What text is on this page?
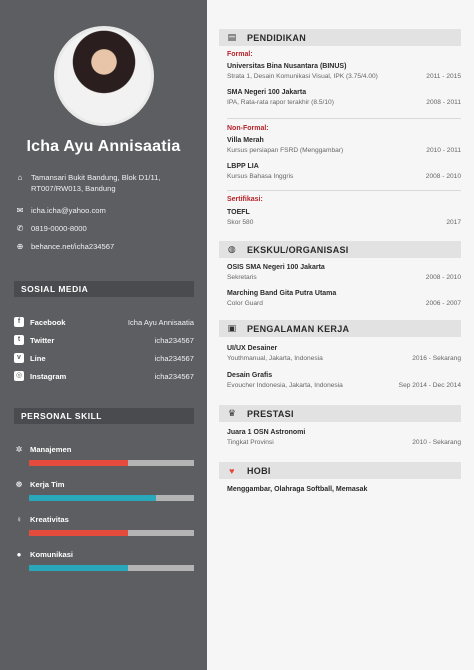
Icha Ayu Annisaatia
⌂	Tamansari Bukit Bandung, Blok D1/11, RT007/RW013, Bandung
✉	icha.icha@yahoo.com
✆	0819-0000-8000
⊕	behance.net/icha234567
SOSIAL MEDIA
f	Facebook	Icha Ayu Annisaatia
t	Twitter	icha234567
v	Line	icha234567
◎ Instagram	icha234567
PERSONAL SKILL
✲ Manajemen
☸ Kerja Tim
♀ Kreativitas
●	Komunikasi
▤	PENDIDIKAN
Formal:
Universitas Bina Nusantara (BINUS)
Strata 1, Desain Komunikasi Visual, IPK (3.75/4.00)	2011 - 2015
SMA Negeri 100 Jakarta
IPA, Rata-rata rapor terakhir (8.5/10)	2008 - 2011
Non-Formal:
Villa Merah
Kursus persiapan FSRD (Menggambar)	2010 - 2011
LBPP LIA
Kursus Bahasa Inggris	2008 - 2010
Sertifikasi:
TOEFL
Skor 580	2017
◍	EKSKUL/ORGANISASI
OSIS SMA Negeri 100 Jakarta
Sekretaris	2008 - 2010
Marching Band Gita Putra Utama
Color Guard	2006 - 2007
▣	PENGALAMAN KERJA
UI/UX Desainer
Youthmanual, Jakarta, Indonesia	2016 - Sekarang
Desain Grafis
Evoucher Indonesia, Jakarta, Indonesia	Sep 2014 - Dec 2014
♛	PRESTASI
Juara 1 OSN Astronomi
Tingkat Provinsi	2010 - Sekarang
♥	HOBI
Menggambar, Olahraga Softball, Memasak
